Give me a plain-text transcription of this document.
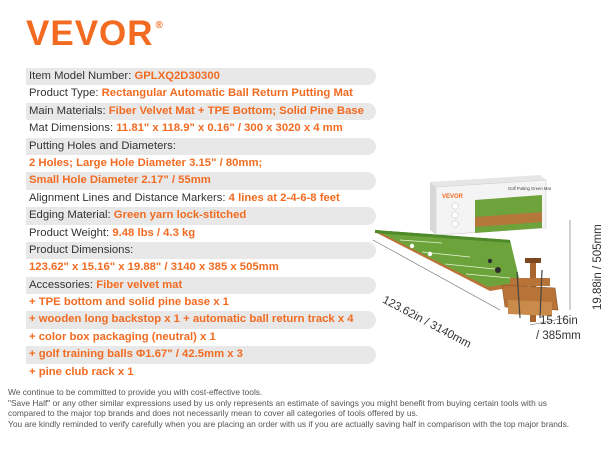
VEVOR ®
Item Model Number: GPLXQ2D30300
Product Type: Rectangular Automatic Ball Return Putting Mat
Main Materials: Fiber Velvet Mat + TPE Bottom; Solid Pine Base
Mat Dimensions: 11.81" x 118.9" x 0.16" / 300 x 3020 x 4 mm
Putting Holes and Diameters:
2 Holes; Large Hole Diameter 3.15" / 80mm;
Small Hole Diameter 2.17" / 55mm
Alignment Lines and Distance Markers: 4 lines at 2-4-6-8 feet
Edging Material: Green yarn lock-stitched
Product Weight: 9.48 lbs / 4.3 kg
Product Dimensions:
123.62" x 15.16" x 19.88" / 3140 x 385 x 505mm
Accessories: Fiber velvet mat
+ TPE bottom and solid pine base x 1
+ wooden long backstop x 1 + automatic ball return track x 4
+ color box packaging (neutral) x 1
+ golf training balls Φ1.67" / 42.5mm x 3
+ pine club rack x 1
VEVOR
Golf Putting Green Mat
123.62in / 3140mm
19.88in / 505mm
15.16in
/ 385mm
We continue to be committed to provide you with cost-effective tools.
"Save Half" or any other similar expressions used by us only represents an estimate of savings you might benefit from buying certain tools with us
compared to the major top brands and does not necessarily mean to cover all categories of tools offered by us.
You are kindly reminded to verify carefully when you are placing an order with us if you are actually saving half in comparison with the top major brands.
